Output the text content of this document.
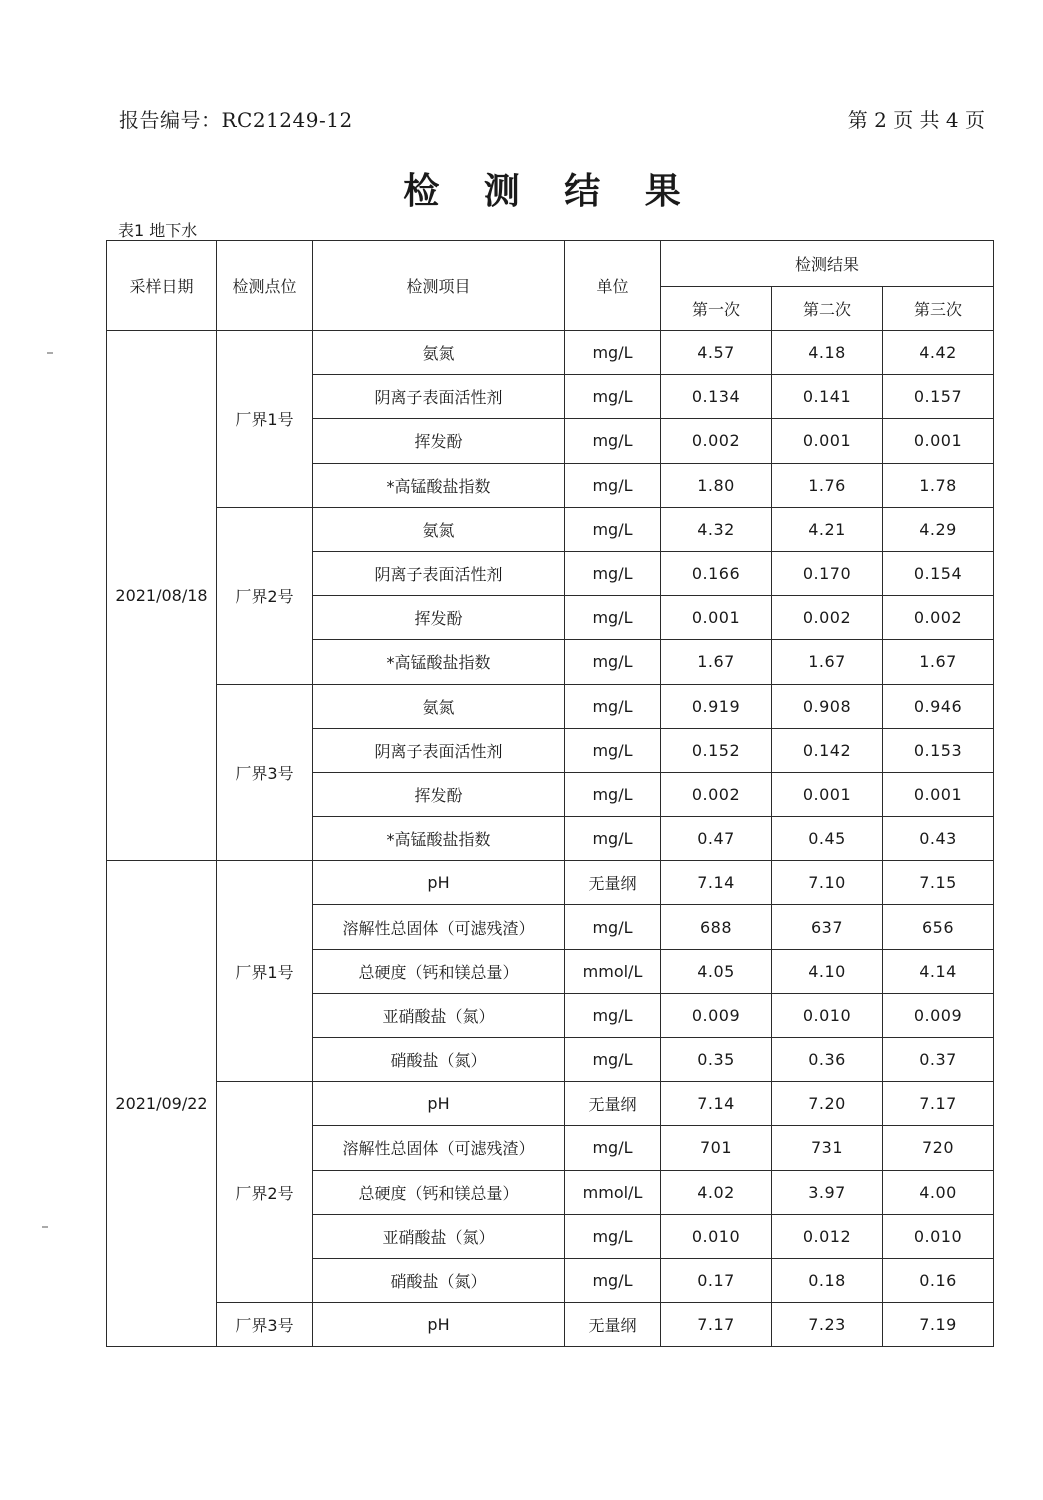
报告编号：RC21249-12	第 2 页 共 4 页
检 测 结 果
表1 地下水
采样日期	检测点位	检测项目	单位	检测结果		
				第一次	第二次	第三次
2021/08/18	厂界1号	氨氮	mg/L	4.57	4.18	4.42
		阴离子表面活性剂	mg/L	0.134	0.141	0.157
		挥发酚	mg/L	0.002	0.001	0.001
		*高锰酸盐指数	mg/L	1.80	1.76	1.78
	厂界2号	氨氮	mg/L	4.32	4.21	4.29
		阴离子表面活性剂	mg/L	0.166	0.170	0.154
		挥发酚	mg/L	0.001	0.002	0.002
		*高锰酸盐指数	mg/L	1.67	1.67	1.67
	厂界3号	氨氮	mg/L	0.919	0.908	0.946
		阴离子表面活性剂	mg/L	0.152	0.142	0.153
		挥发酚	mg/L	0.002	0.001	0.001
		*高锰酸盐指数	mg/L	0.47	0.45	0.43
2021/09/22	厂界1号	pH	无量纲	7.14	7.10	7.15
		溶解性总固体（可滤残渣）	mg/L	688	637	656
		总硬度（钙和镁总量）	mmol/L	4.05	4.10	4.14
		亚硝酸盐（氮）	mg/L	0.009	0.010	0.009
		硝酸盐（氮）	mg/L	0.35	0.36	0.37
	厂界2号	pH	无量纲	7.14	7.20	7.17
		溶解性总固体（可滤残渣）	mg/L	701	731	720
		总硬度（钙和镁总量）	mmol/L	4.02	3.97	4.00
		亚硝酸盐（氮）	mg/L	0.010	0.012	0.010
		硝酸盐（氮）	mg/L	0.17	0.18	0.16
	厂界3号	pH	无量纲	7.17	7.23	7.19
